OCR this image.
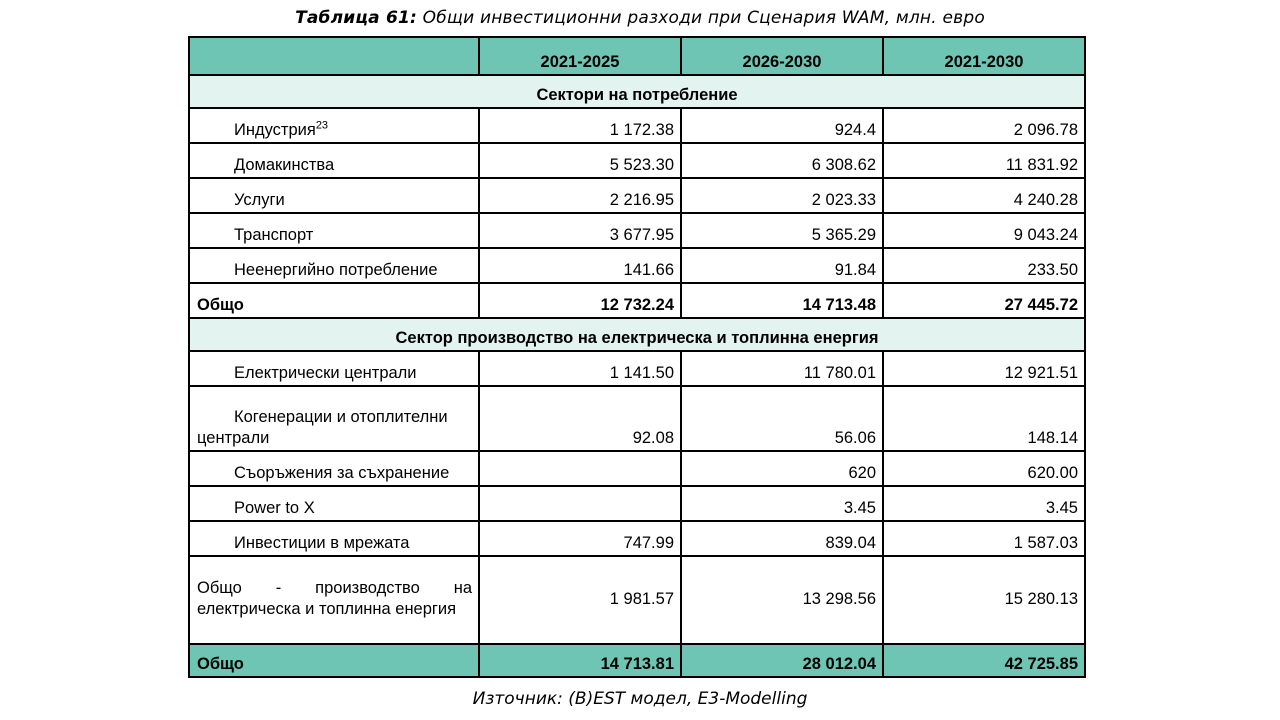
Таблица 61: Общи инвестиционни разходи при Сценария WAM, млн. евро
	2021-2025	2026-2030	2021-2030
Сектори на потребление			
Индустрия$^{23}$	1 172.38	924.4	2 096.78
Домакинства	5 523.30	6 308.62	11 831.92
Услуги	2 216.95	2 023.33	4 240.28
Транспорт	3 677.95	5 365.29	9 043.24
Неенергийно потребление	141.66	91.84	233.50
Общо	12 732.24	14 713.48	27 445.72
Сектор производство на електрическа и топлинна енергия			
Електрически централи	1 141.50	11 780.01	12 921.51
Когенерации и отоплителни централи	92.08	56.06	148.14
Съоръжения за съхранение		620	620.00
Power to X		3.45	3.45
Инвестиции в мрежата	747.99	839.04	1 587.03
Общо - производство на електрическа и топлинна енергия	1 981.57	13 298.56	15 280.13
Общо	14 713.81	28 012.04	42 725.85
Източник: (B)EST модел, E3-Modelling
